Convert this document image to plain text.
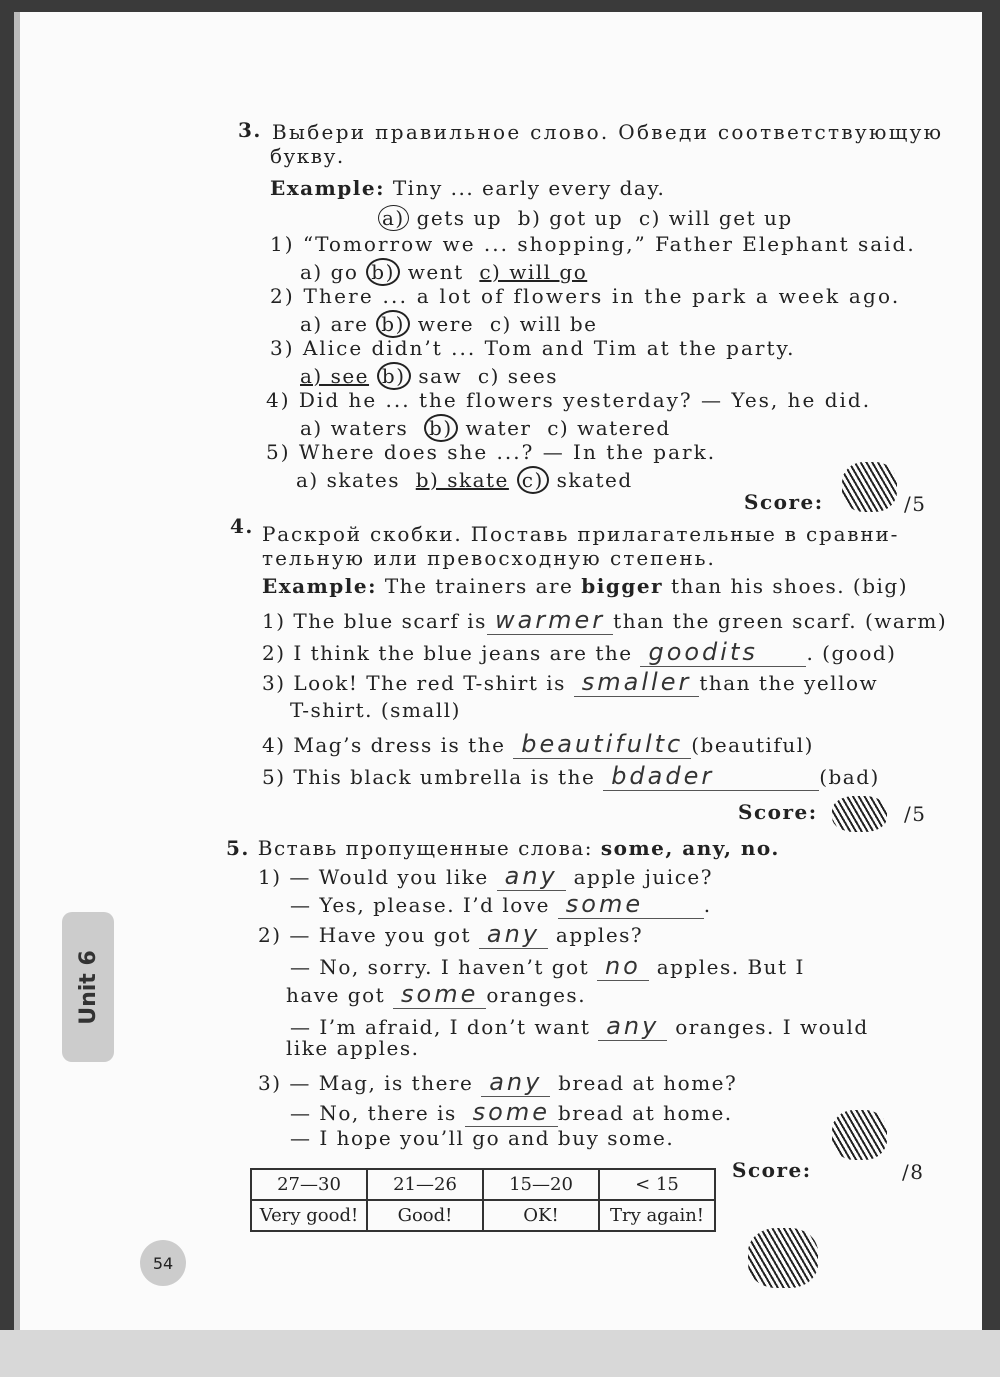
3. Выбери правильное слово. Обведи соответствующую
букву.
Example: Tiny ... early every day.
a) gets up b) got up c) will get up
1) “Tomorrow we ... shopping,” Father Elephant said.
a) go b) went c) will go
2) There ... a lot of flowers in the park a week ago.
a) are b) were c) will be
3) Alice didn’t ... Tom and Tim at the party.
a) see b) saw c) sees
4) Did he ... the flowers yesterday? — Yes, he did.
a) waters b) water c) watered
5) Where does she ...? — In the park.
a) skates b) skate c) skated
Score:	/5
4. Раскрой скобки. Поставь прилагательные в сравни-
тельную или превосходную степень.
Example: The trainers are bigger than his shoes. (big)
1) The blue scarf is warmer than the green scarf. (warm)
2) I think the blue jeans are the goodits . (good)
3) Look! The red T-shirt is smaller than the yellow
T-shirt. (small)
4) Mag’s dress is the beautifultc (beautiful)
5) This black umbrella is the bdader	(bad)
Score:	/5
5. Вставь пропущенные слова: some, any, no.
1) — Would you like any apple juice?
— Yes, please. I’d love some	.
2) — Have you got any apples?
— No, sorry. I haven’t got no apples. But I
have got some oranges.
— I’m afraid, I don’t want any oranges. I would
like apples.
3) — Mag, is there any bread at home?
— No, there is some bread at home.
— I hope you’ll go and buy some.
Score:	/8
27—30	21—26	15—20	< 15
Very good!	Good!	OK!	Try again!
Unit 6
54
